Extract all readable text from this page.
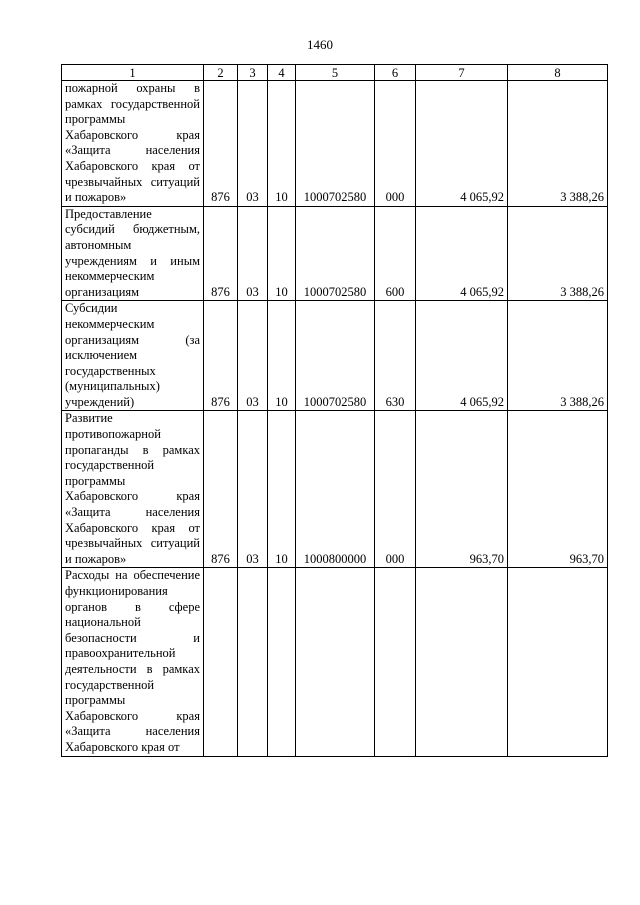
1460
1	2	3	4	5	6	7	8
пожарной охраны в рамках государственной программы Хабаровского края «Защита населения Хабаровского края от чрезвычайных ситуаций и пожаров»	876	03	10	1000702580	000	4 065,92	3 388,26
Предоставление субсидий бюджетным, автономным учреждениям и иным некоммерческим организациям	876	03	10	1000702580	600	4 065,92	3 388,26
Субсидии некоммерческим организациям (за исключением государственных (муниципальных) учреждений)	876	03	10	1000702580	630	4 065,92	3 388,26
Развитие противопожарной пропаганды в рамках государственной программы Хабаровского края «Защита населения Хабаровского края от чрезвычайных ситуаций и пожаров»	876	03	10	1000800000	000	963,70	963,70
Расходы на обеспечение функционирования органов в сфере национальной безопасности и правоохранительной деятельности в рамках государственной программы Хабаровского края «Защита населения Хабаровского края от							
